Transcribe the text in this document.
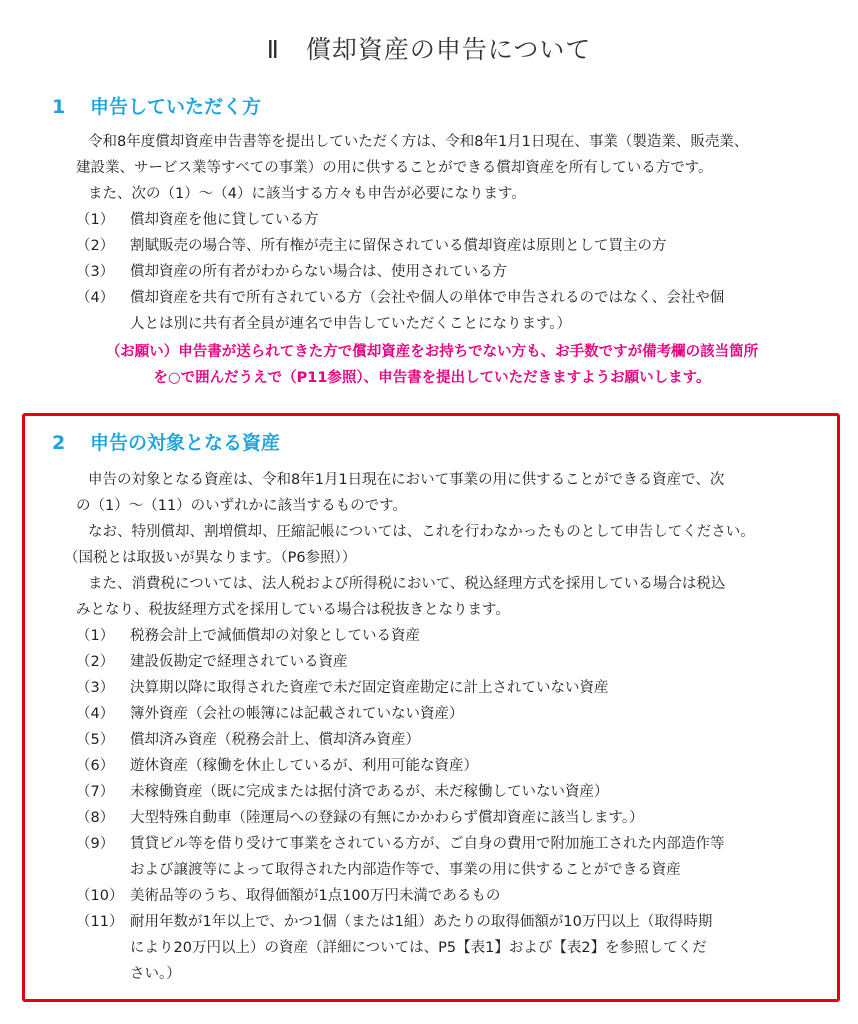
Ⅱ　償却資産の申告について
1 申告していただく方
令和8年度償却資産申告書等を提出していただく方は、令和8年1月1日現在、事業（製造業、販売業、
建設業、サービス業等すべての事業）の用に供することができる償却資産を所有している方です。
また、次の（1）～（4）に該当する方々も申告が必要になります。
（1） 償却資産を他に貸している方
（2） 割賦販売の場合等、所有権が売主に留保されている償却資産は原則として買主の方
（3） 償却資産の所有者がわからない場合は、使用されている方
（4） 償却資産を共有で所有されている方（会社や個人の単体で申告されるのではなく、会社や個
人とは別に共有者全員が連名で申告していただくことになります。）
（お願い）申告書が送られてきた方で償却資産をお持ちでない方も、お手数ですが備考欄の該当箇所
を○で囲んだうえで（P11参照）、申告書を提出していただきますようお願いします。
2 申告の対象となる資産
申告の対象となる資産は、令和8年1月1日現在において事業の用に供することができる資産で、次
の（1）～（11）のいずれかに該当するものです。
なお、特別償却、割増償却、圧縮記帳については、これを行わなかったものとして申告してください。
（国税とは取扱いが異なります。（P6参照））
また、消費税については、法人税および所得税において、税込経理方式を採用している場合は税込
みとなり、税抜経理方式を採用している場合は税抜きとなります。
（1） 税務会計上で減価償却の対象としている資産
（2） 建設仮勘定で経理されている資産
（3） 決算期以降に取得された資産で未だ固定資産勘定に計上されていない資産
（4） 簿外資産（会社の帳簿には記載されていない資産）
（5） 償却済み資産（税務会計上、償却済み資産）
（6） 遊休資産（稼働を休止しているが、利用可能な資産）
（7） 未稼働資産（既に完成または据付済であるが、未だ稼働していない資産）
（8） 大型特殊自動車（陸運局への登録の有無にかかわらず償却資産に該当します。）
（9） 賃貸ビル等を借り受けて事業をされている方が、ご自身の費用で附加施工された内部造作等
および譲渡等によって取得された内部造作等で、事業の用に供することができる資産
（10） 美術品等のうち、取得価額が1点100万円未満であるもの
（11） 耐用年数が1年以上で、かつ1個（または1組）あたりの取得価額が10万円以上（取得時期
により20万円以上）の資産（詳細については、P5【表1】および【表2】を参照してくだ
さい。）
